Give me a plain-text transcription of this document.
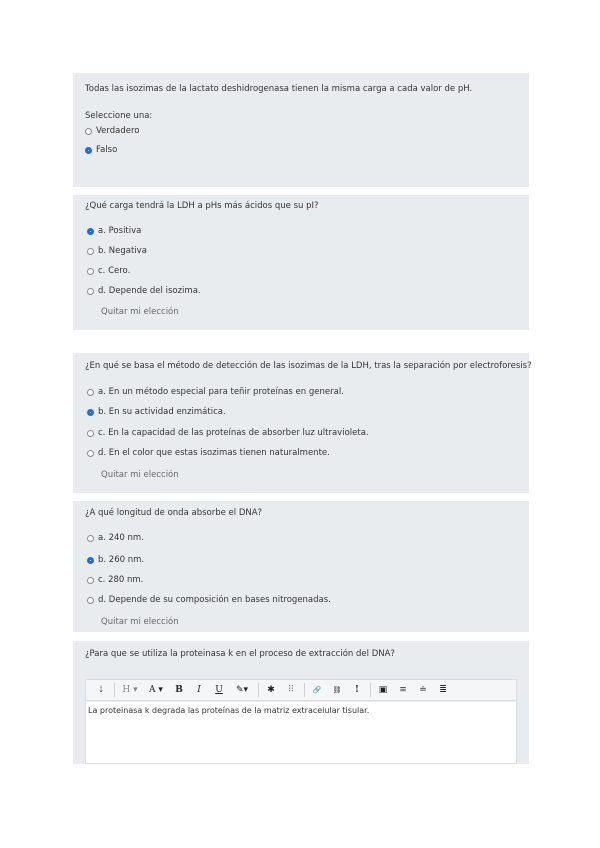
Todas las isozimas de la lactato deshidrogenasa tienen la misma carga a cada valor de pH.
Seleccione una:
Verdadero
Falso
¿Qué carga tendrá la LDH a pHs más ácidos que su pI?
a. Positiva
b. Negativa
c. Cero.
d. Depende del isozima.
Quitar mi elección
¿En qué se basa el método de detección de las isozimas de la LDH, tras la separación por electroforesis?
a. En un método especial para teñir proteínas en general.
b. En su actividad enzimática.
c. En la capacidad de las proteínas de absorber luz ultravioleta.
d. En el color que estas isozimas tienen naturalmente.
Quitar mi elección
¿A qué longitud de onda absorbe el DNA?
a. 240 nm.
b. 260 nm.
c. 280 nm.
d. Depende de su composición en bases nitrogenadas.
Quitar mi elección
¿Para que se utiliza la proteinasa k en el proceso de extracción del DNA?
⇣	H ▾	A ▾	B	I	U	✎▾	✱	⠿	🔗	⛓	!	▣	≡	≐	≣
La proteinasa k degrada las proteínas de la matriz extracelular tisular.
